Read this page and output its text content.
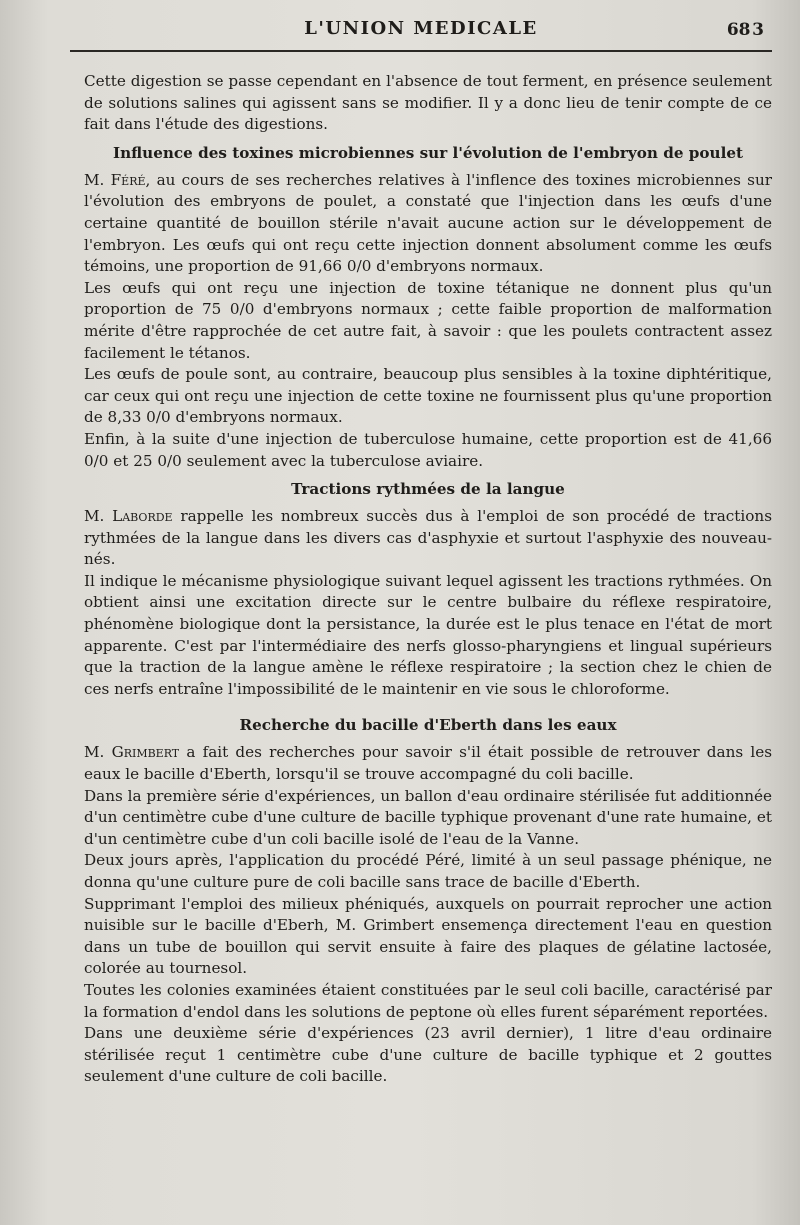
L'UNION MEDICALE	68 3

Cette digestion se passe cependant en l'absence de tout ferment, en présence seulement de solutions salines qui agissent sans se modifier. Il y a donc lieu de tenir compte de ce fait dans l'étude des digestions.

Influence des toxines microbiennes sur l'évolution de l'embryon de poulet

M. Féré, au cours de ses recherches relatives à l'inflence des toxines microbiennes sur l'évolution des embryons de poulet, a constaté que l'injection dans les œufs d'une certaine quantité de bouillon stérile n'avait aucune action sur le développement de l'embryon. Les œufs qui ont reçu cette injection donnent absolument comme les œufs témoins, une proportion de 91,66 0/0 d'embryons normaux.

Les œufs qui ont reçu une injection de toxine tétanique ne donnent plus qu'un proportion de 75 0/0 d'embryons normaux ; cette faible proportion de malformation mérite d'être rapprochée de cet autre fait, à savoir : que les poulets contractent assez facilement le tétanos.

Les œufs de poule sont, au contraire, beaucoup plus sensibles à la toxine diphtéritique, car ceux qui ont reçu une injection de cette toxine ne fournissent plus qu'une proportion de 8,33 0/0 d'embryons normaux.

Enfin, à la suite d'une injection de tuberculose humaine, cette proportion est de 41,66 0/0 et 25 0/0 seulement avec la tuberculose aviaire.

Tractions rythmées de la langue

M. Laborde rappelle les nombreux succès dus à l'emploi de son procédé de tractions rythmées de la langue dans les divers cas d'asphyxie et surtout l'asphyxie des nouveau-nés.

Il indique le mécanisme physiologique suivant lequel agissent les tractions rythmées. On obtient ainsi une excitation directe sur le centre bulbaire du réflexe respiratoire, phénomène biologique dont la persistance, la durée est le plus tenace en l'état de mort apparente. C'est par l'intermédiaire des nerfs glosso-pharyngiens et lingual supérieurs que la traction de la langue amène le réflexe respiratoire ; la section chez le chien de ces nerfs entraîne l'impossibilité de le maintenir en vie sous le chloroforme.

Recherche du bacille d'Eberth dans les eaux

M. Grimbert a fait des recherches pour savoir s'il était possible de retrouver dans les eaux le bacille d'Eberth, lorsqu'il se trouve accompagné du coli bacille.

Dans la première série d'expériences, un ballon d'eau ordinaire stérilisée fut additionnée d'un centimètre cube d'une culture de bacille typhique provenant d'une rate humaine, et d'un centimètre cube d'un coli bacille isolé de l'eau de la Vanne.

Deux jours après, l'application du procédé Péré, limité à un seul passage phénique, ne donna qu'une culture pure de coli bacille sans trace de bacille d'Eberth.

Supprimant l'emploi des milieux phéniqués, auxquels on pourrait reprocher une action nuisible sur le bacille d'Eberh, M. Grimbert ensemença directement l'eau en question dans un tube de bouillon qui servit ensuite à faire des plaques de gélatine lactosée, colorée au tournesol.

Toutes les colonies examinées étaient constituées par le seul coli bacille, caractérisé par la formation d'endol dans les solutions de peptone où elles furent séparément reportées.

Dans une deuxième série d'expériences (23 avril dernier), 1 litre d'eau ordinaire stérilisée reçut 1 centimètre cube d'une culture de bacille typhique et 2 gouttes seulement d'une culture de coli bacille.
